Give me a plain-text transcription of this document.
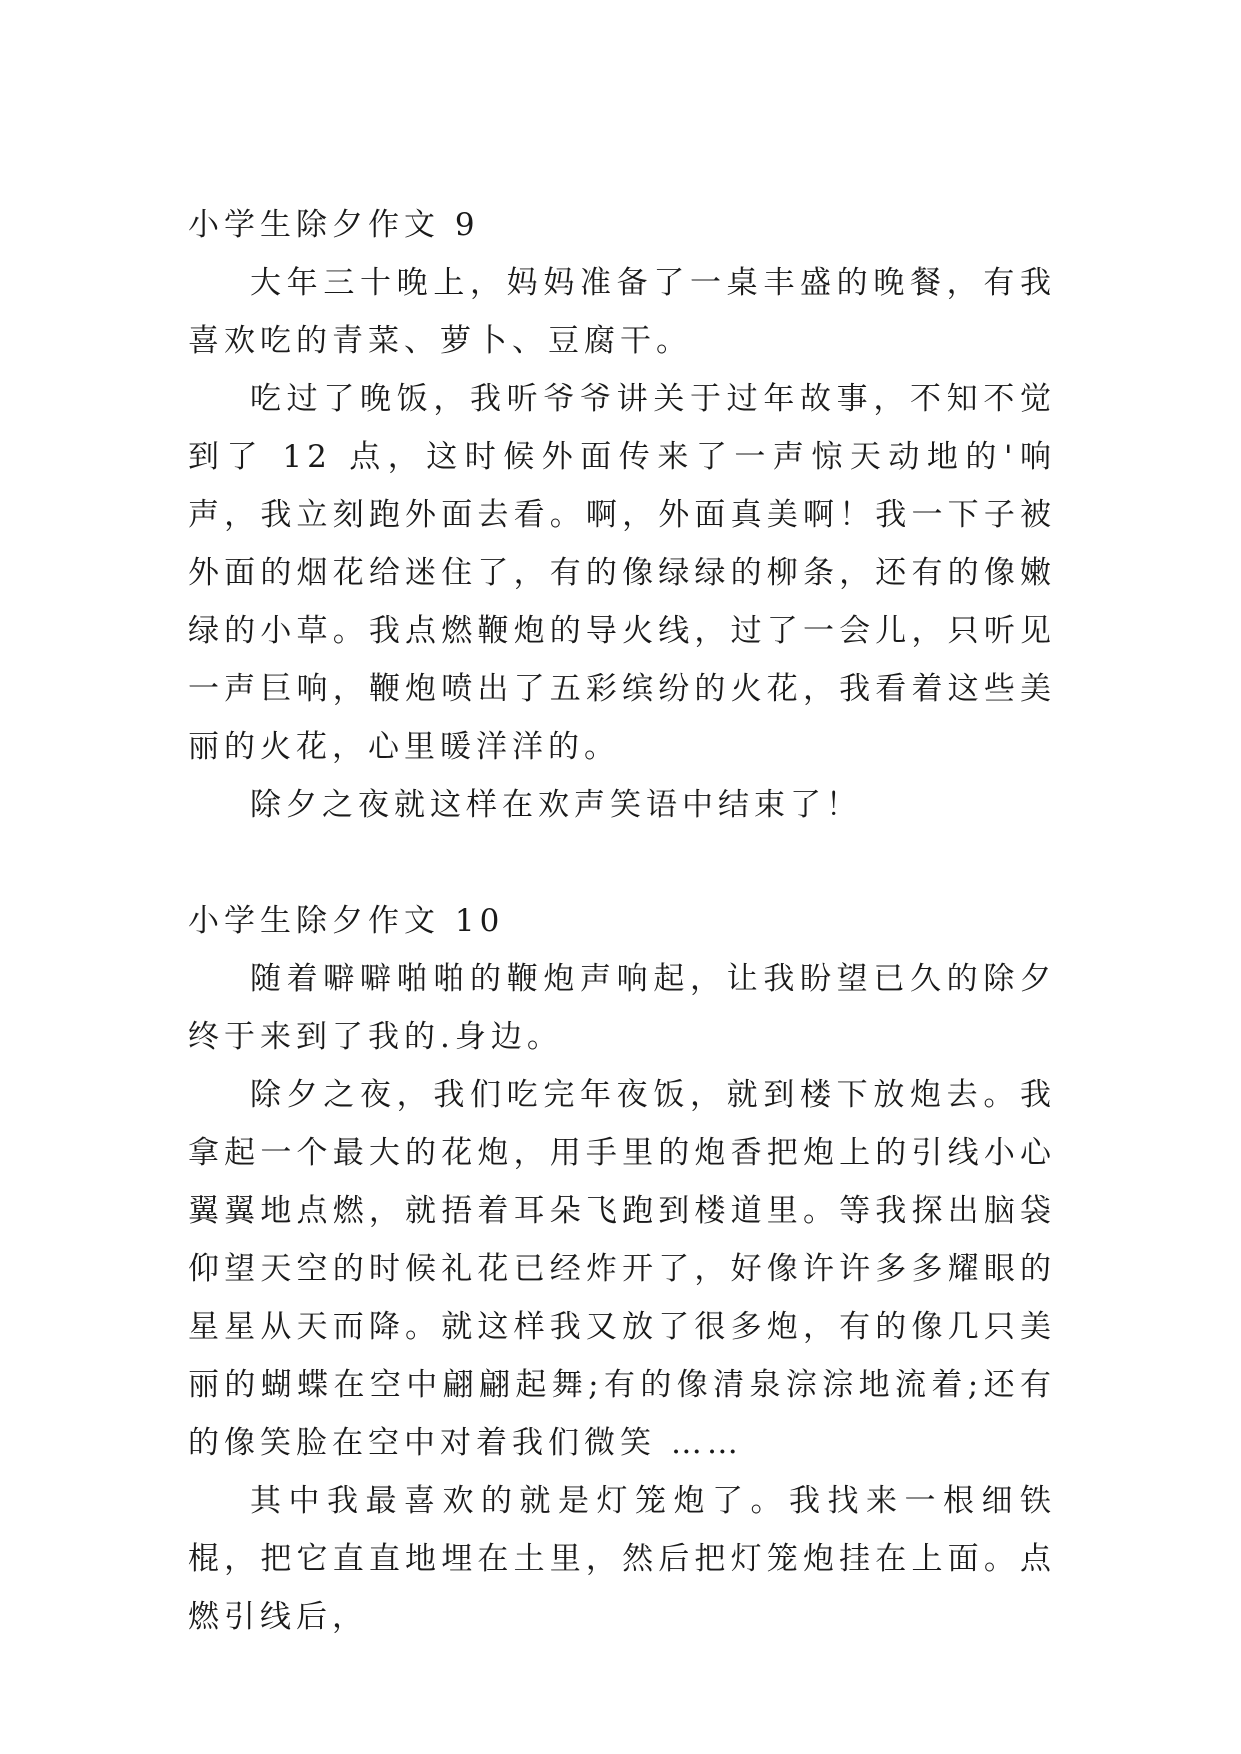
小学生除夕作文 9

大年三十晚上，妈妈准备了一桌丰盛的晚餐，有我喜欢吃的青菜、萝卜、豆腐干。

吃过了晚饭，我听爷爷讲关于过年故事，不知不觉到了 12 点，这时候外面传来了一声惊天动地的'响声，我立刻跑外面去看。啊，外面真美啊！我一下子被外面的烟花给迷住了，有的像绿绿的柳条，还有的像嫩绿的小草。我点燃鞭炮的导火线，过了一会儿，只听见一声巨响，鞭炮喷出了五彩缤纷的火花，我看着这些美丽的火花，心里暖洋洋的。

除夕之夜就这样在欢声笑语中结束了！

小学生除夕作文 10

随着噼噼啪啪的鞭炮声响起，让我盼望已久的除夕终于来到了我的.身边。

除夕之夜，我们吃完年夜饭，就到楼下放炮去。我拿起一个最大的花炮，用手里的炮香把炮上的引线小心翼翼地点燃，就捂着耳朵飞跑到楼道里。等我探出脑袋仰望天空的时候礼花已经炸开了，好像许许多多耀眼的星星从天而降。就这样我又放了很多炮，有的像几只美丽的蝴蝶在空中翩翩起舞;有的像清泉淙淙地流着;还有的像笑脸在空中对着我们微笑 ……

其中我最喜欢的就是灯笼炮了。我找来一根细铁棍，把它直直地埋在土里，然后把灯笼炮挂在上面。点燃引线后，
